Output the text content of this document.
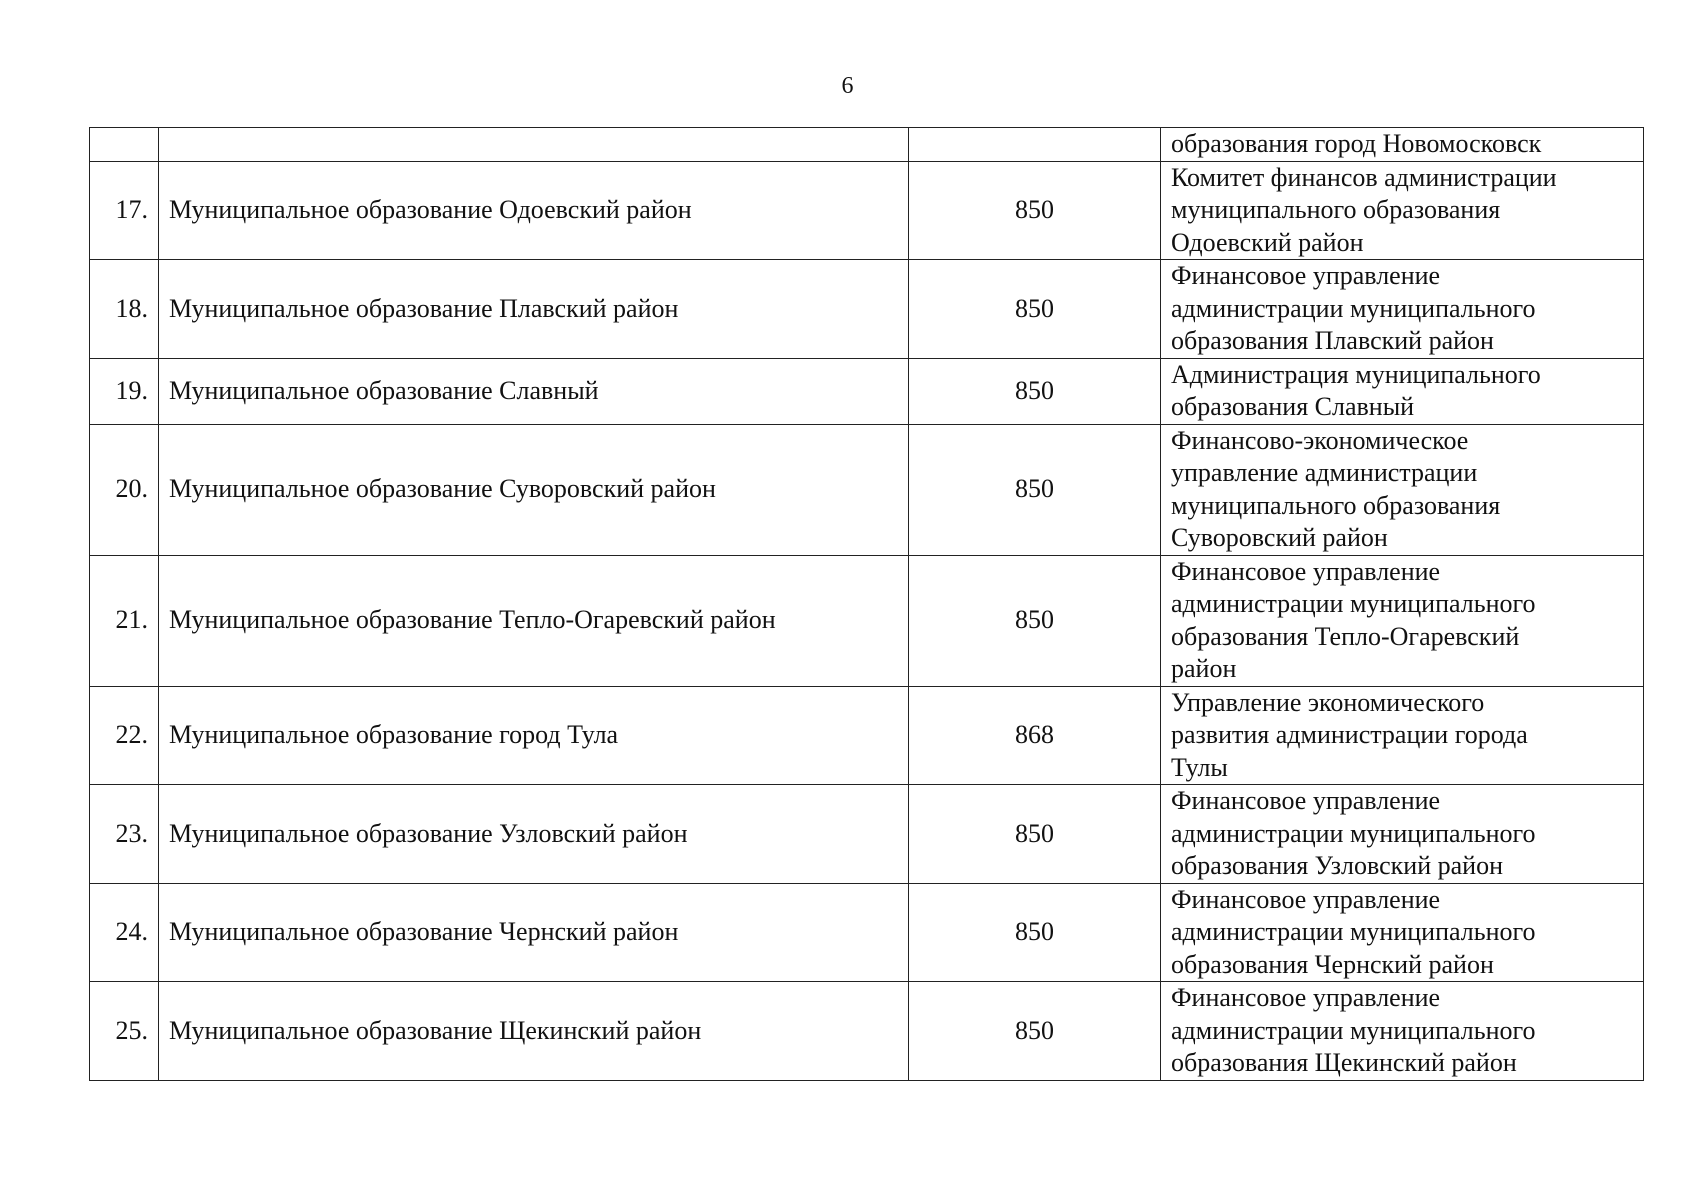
6

			образования город Новомосковск

17.	Муниципальное образование Одоевский район	850	Комитет финансов администрации
муниципального образования
Одоевский район

18.	Муниципальное образование Плавский район	850	Финансовое управление
администрации муниципального
образования Плавский район

19.	Муниципальное образование Славный	850	Администрация муниципального
образования Славный

20.	Муниципальное образование Суворовский район	850	Финансово-экономическое
управление администрации
муниципального образования
Суворовский район

21.	Муниципальное образование Тепло-Огаревский район	850	Финансовое управление
администрации муниципального
образования Тепло-Огаревский
район

22.	Муниципальное образование город Тула	868	Управление экономического
развития администрации города
Тулы

23.	Муниципальное образование Узловский район	850	Финансовое управление
администрации муниципального
образования Узловский район

24.	Муниципальное образование Чернский район	850	Финансовое управление
администрации муниципального
образования Чернский район

25.	Муниципальное образование Щекинский район	850	Финансовое управление
администрации муниципального
образования Щекинский район
